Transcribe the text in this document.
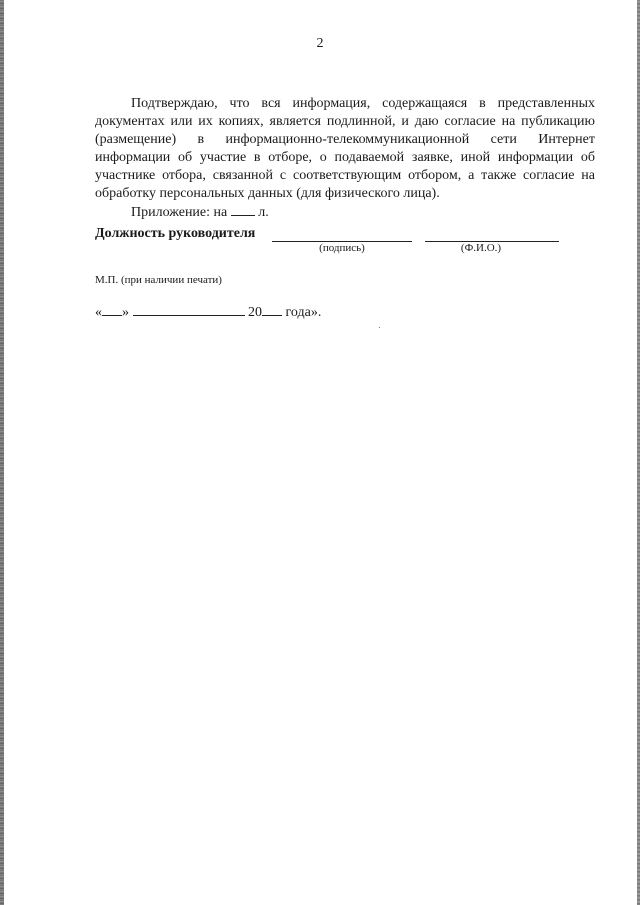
2

Подтверждаю, что вся информация, содержащаяся в представленных документах или их копиях, является подлинной, и даю согласие на публикацию (размещение) в информационно-телекоммуникационной сети Интернет информации об участие в отборе, о подаваемой заявке, иной информации об участнике отбора, связанной с соответствующим отбором, а также согласие на обработку персональных данных (для физического лица).

Приложение: на л.

Должность руководителя
(подпись)	(Ф.И.О.)
М.П. (при наличии печати)
« »	20 года».
